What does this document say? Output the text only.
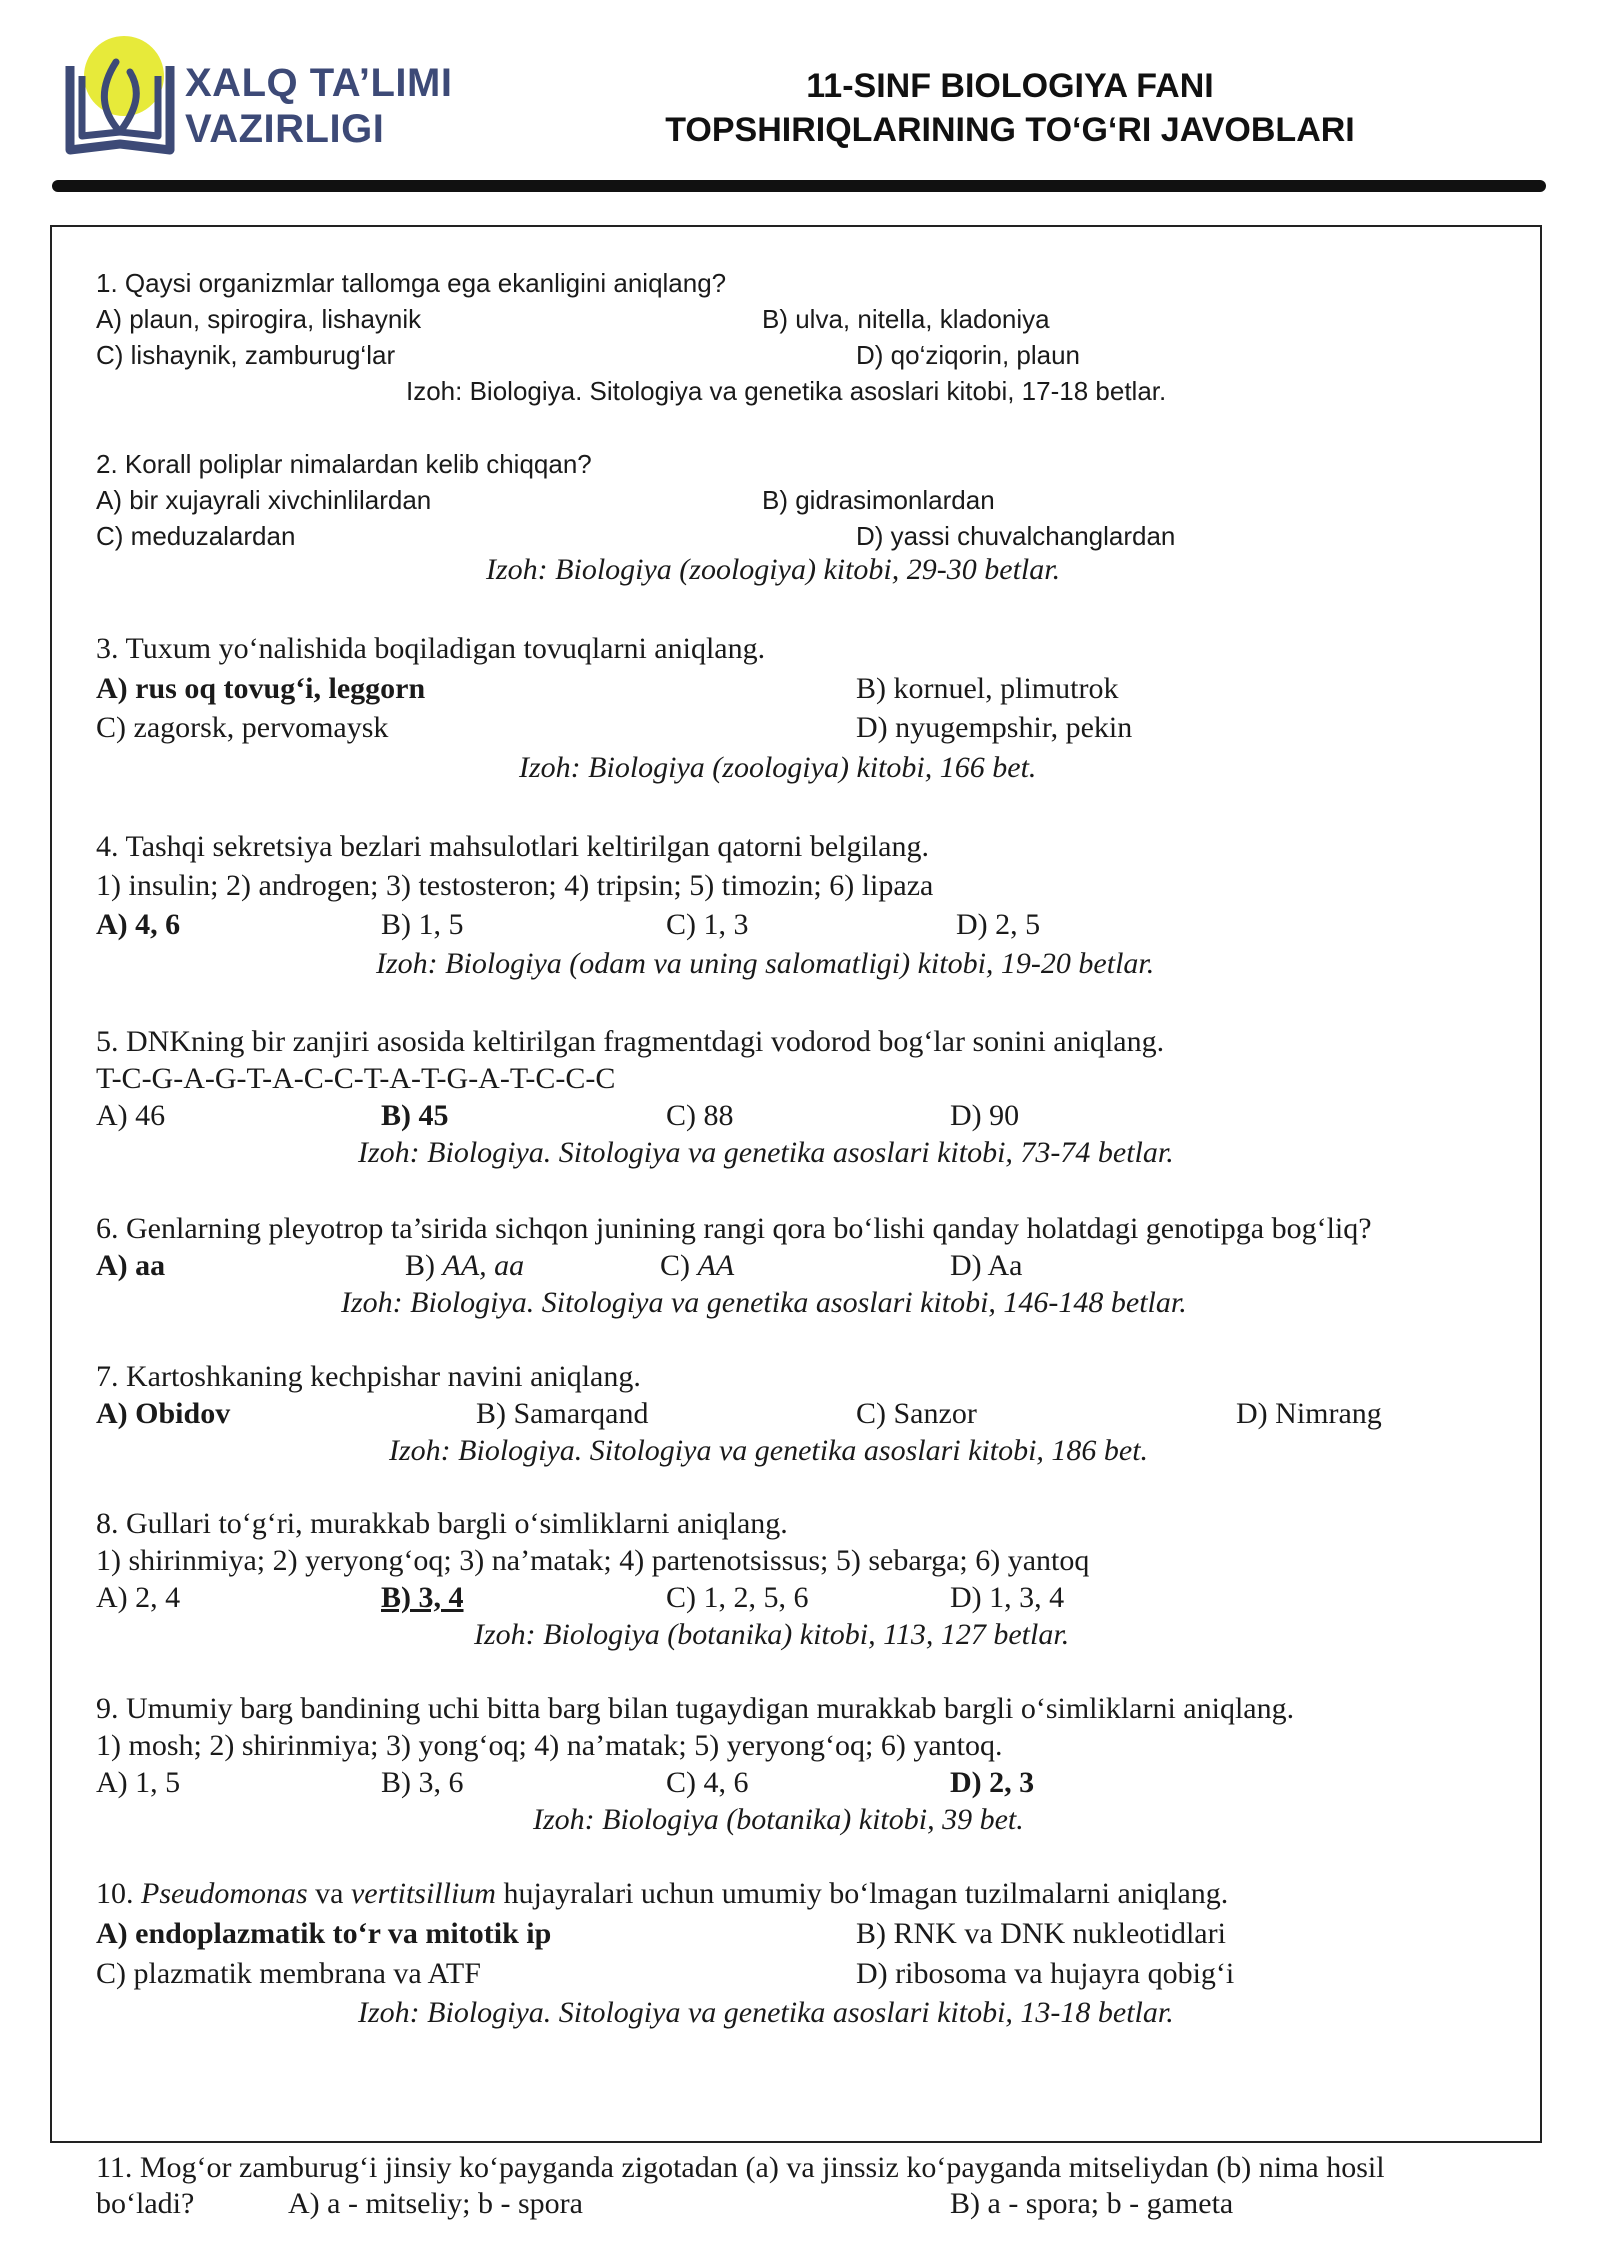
XALQ TA’LIMI
VAZIRLIGI
11-SINF BIOLOGIYA FANI
TOPSHIRIQLARINING TO‘G‘RI JAVOBLARI
1. Qaysi organizmlar tallomga ega ekanligini aniqlang?
A) plaun, spirogira, lishaynik	B) ulva, nitella, kladoniya
C) lishaynik, zamburug‘lar	D) qo‘ziqorin, plaun
Izoh: Biologiya. Sitologiya va genetika asoslari kitobi, 17-18 betlar.
2. Korall poliplar nimalardan kelib chiqqan?
A) bir xujayrali xivchinlilardan	B) gidrasimonlardan
C) meduzalardan	D) yassi chuvalchanglardan
Izoh: Biologiya (zoologiya) kitobi, 29-30 betlar.
3. Tuxum yo‘nalishida boqiladigan tovuqlarni aniqlang.
A) rus oq tovug‘i, leggorn	B) kornuel, plimutrok
C) zagorsk, pervomaysk	D) nyugempshir, pekin
Izoh: Biologiya (zoologiya) kitobi, 166 bet.
4. Tashqi sekretsiya bezlari mahsulotlari keltirilgan qatorni belgilang.
1) insulin; 2) androgen; 3) testosteron; 4) tripsin; 5) timozin; 6) lipaza
A) 4, 6	B) 1, 5	C) 1, 3	D) 2, 5
Izoh: Biologiya (odam va uning salomatligi) kitobi, 19-20 betlar.
5. DNKning bir zanjiri asosida keltirilgan fragmentdagi vodorod bog‘lar sonini aniqlang.
T-C-G-A-G-T-A-C-C-T-A-T-G-A-T-C-C-C
A) 46	B) 45	C) 88	D) 90
Izoh: Biologiya. Sitologiya va genetika asoslari kitobi, 73-74 betlar.
6. Genlarning pleyotrop ta’sirida sichqon junining rangi qora bo‘lishi qanday holatdagi genotipga bog‘liq?
A) aa	B) AA, aa	C) AA	D) Aa
Izoh: Biologiya. Sitologiya va genetika asoslari kitobi, 146-148 betlar.
7. Kartoshkaning kechpishar navini aniqlang.
A) Obidov	B) Samarqand	C) Sanzor	D) Nimrang
Izoh: Biologiya. Sitologiya va genetika asoslari kitobi, 186 bet.
8. Gullari to‘g‘ri, murakkab bargli o‘simliklarni aniqlang.
1) shirinmiya; 2) yeryong‘oq; 3) na’matak; 4) partenotsissus; 5) sebarga; 6) yantoq
A) 2, 4	B) 3, 4	C) 1, 2, 5, 6	D) 1, 3, 4
Izoh: Biologiya (botanika) kitobi, 113, 127 betlar.
9. Umumiy barg bandining uchi bitta barg bilan tugaydigan murakkab bargli o‘simliklarni aniqlang.
1) mosh; 2) shirinmiya; 3) yong‘oq; 4) na’matak; 5) yeryong‘oq; 6) yantoq.
A) 1, 5	B) 3, 6	C) 4, 6	D) 2, 3
Izoh: Biologiya (botanika) kitobi, 39 bet.
10. Pseudomonas va vertitsillium hujayralari uchun umumiy bo‘lmagan tuzilmalarni aniqlang.
A) endoplazmatik to‘r va mitotik ip	B) RNK va DNK nukleotidlari
C) plazmatik membrana va ATF	D) ribosoma va hujayra qobig‘i
Izoh: Biologiya. Sitologiya va genetika asoslari kitobi, 13-18 betlar.
11. Mog‘or zamburug‘i jinsiy ko‘payganda zigotadan (a) va jinssiz ko‘payganda mitseliydan (b) nima hosil
bo‘ladi?	A) a - mitseliy; b - spora	B) a - spora; b - gameta
